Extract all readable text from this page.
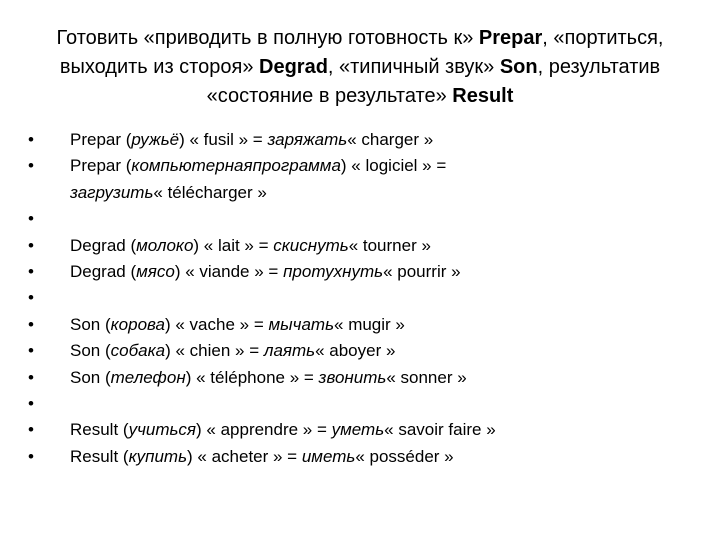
Готовить «приводить в полную готовность к» Prepar, «портиться, выходить из стороя» Degrad, «типичный звук» Son, результатив «состояние в результате» Result
•	Prepar (ружьё) « fusil » = заряжать« charger »
•	Prepar (компьютернаяпрограмма) « logiciel » =
загрузить« télécharger »
•
•	Degrad (молоко) « lait » = скиснуть« tourner »
•	Degrad (мясо) « viande » = протухнуть« pourrir »
•
•	Son (корова) « vache » = мычать« mugir »
•	Son (собака) « chien » = лаять« aboyer »
•	Son (телефон) « téléphone » = звонить« sonner »
•
•	Result (учиться) « apprendre » = уметь« savoir faire »
•	Result (купить) « acheter » = иметь« posséder »
